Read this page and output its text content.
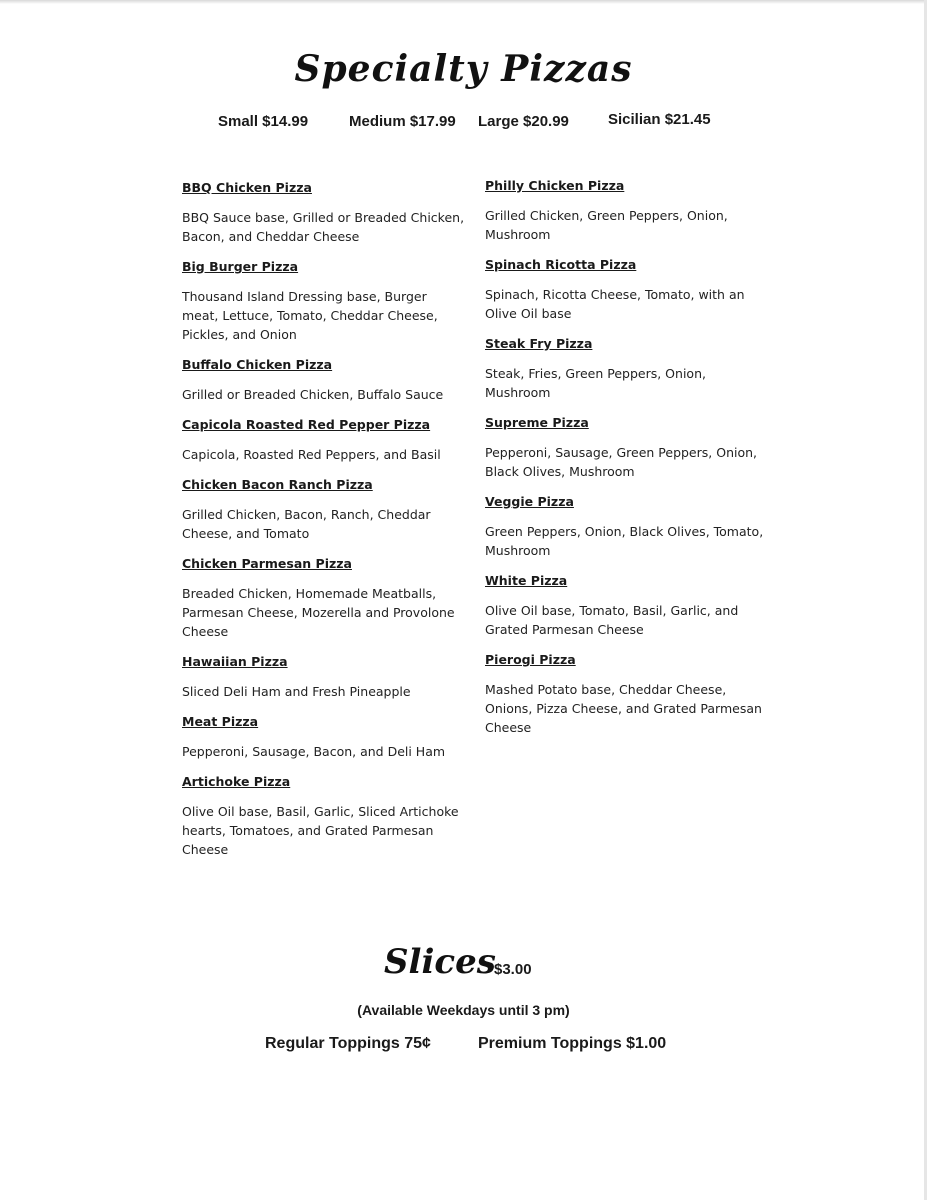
Specialty Pizzas
Small $14.99	Medium $17.99 Large $20.99	Sicilian $21.45
BBQ Chicken Pizza
BBQ Sauce base, Grilled or Breaded Chicken, Bacon, and Cheddar Cheese
Big Burger Pizza
Thousand Island Dressing base, Burger meat, Lettuce, Tomato, Cheddar Cheese, Pickles, and Onion
Buffalo Chicken Pizza
Grilled or Breaded Chicken, Buffalo Sauce
Capicola Roasted Red Pepper Pizza
Capicola, Roasted Red Peppers, and Basil
Chicken Bacon Ranch Pizza
Grilled Chicken, Bacon, Ranch, Cheddar Cheese, and Tomato
Chicken Parmesan Pizza
Breaded Chicken, Homemade Meatballs, Parmesan Cheese, Mozerella and Provolone Cheese
Hawaiian Pizza
Sliced Deli Ham and Fresh Pineapple
Meat Pizza
Pepperoni, Sausage, Bacon, and Deli Ham
Artichoke Pizza
Olive Oil base, Basil, Garlic, Sliced Artichoke hearts, Tomatoes, and Grated Parmesan Cheese
Philly Chicken Pizza
Grilled Chicken, Green Peppers, Onion, Mushroom
Spinach Ricotta Pizza
Spinach, Ricotta Cheese, Tomato, with an Olive Oil base
Steak Fry Pizza
Steak, Fries, Green Peppers, Onion, Mushroom
Supreme Pizza
Pepperoni, Sausage, Green Peppers, Onion, Black Olives, Mushroom
Veggie Pizza
Green Peppers, Onion, Black Olives, Tomato, Mushroom
White Pizza
Olive Oil base, Tomato, Basil, Garlic, and Grated Parmesan Cheese
Pierogi Pizza
Mashed Potato base, Cheddar Cheese, Onions, Pizza Cheese, and Grated Parmesan Cheese
Slices
$3.00
(Available Weekdays until 3 pm)
Regular Toppings 75¢	Premium Toppings $1.00
